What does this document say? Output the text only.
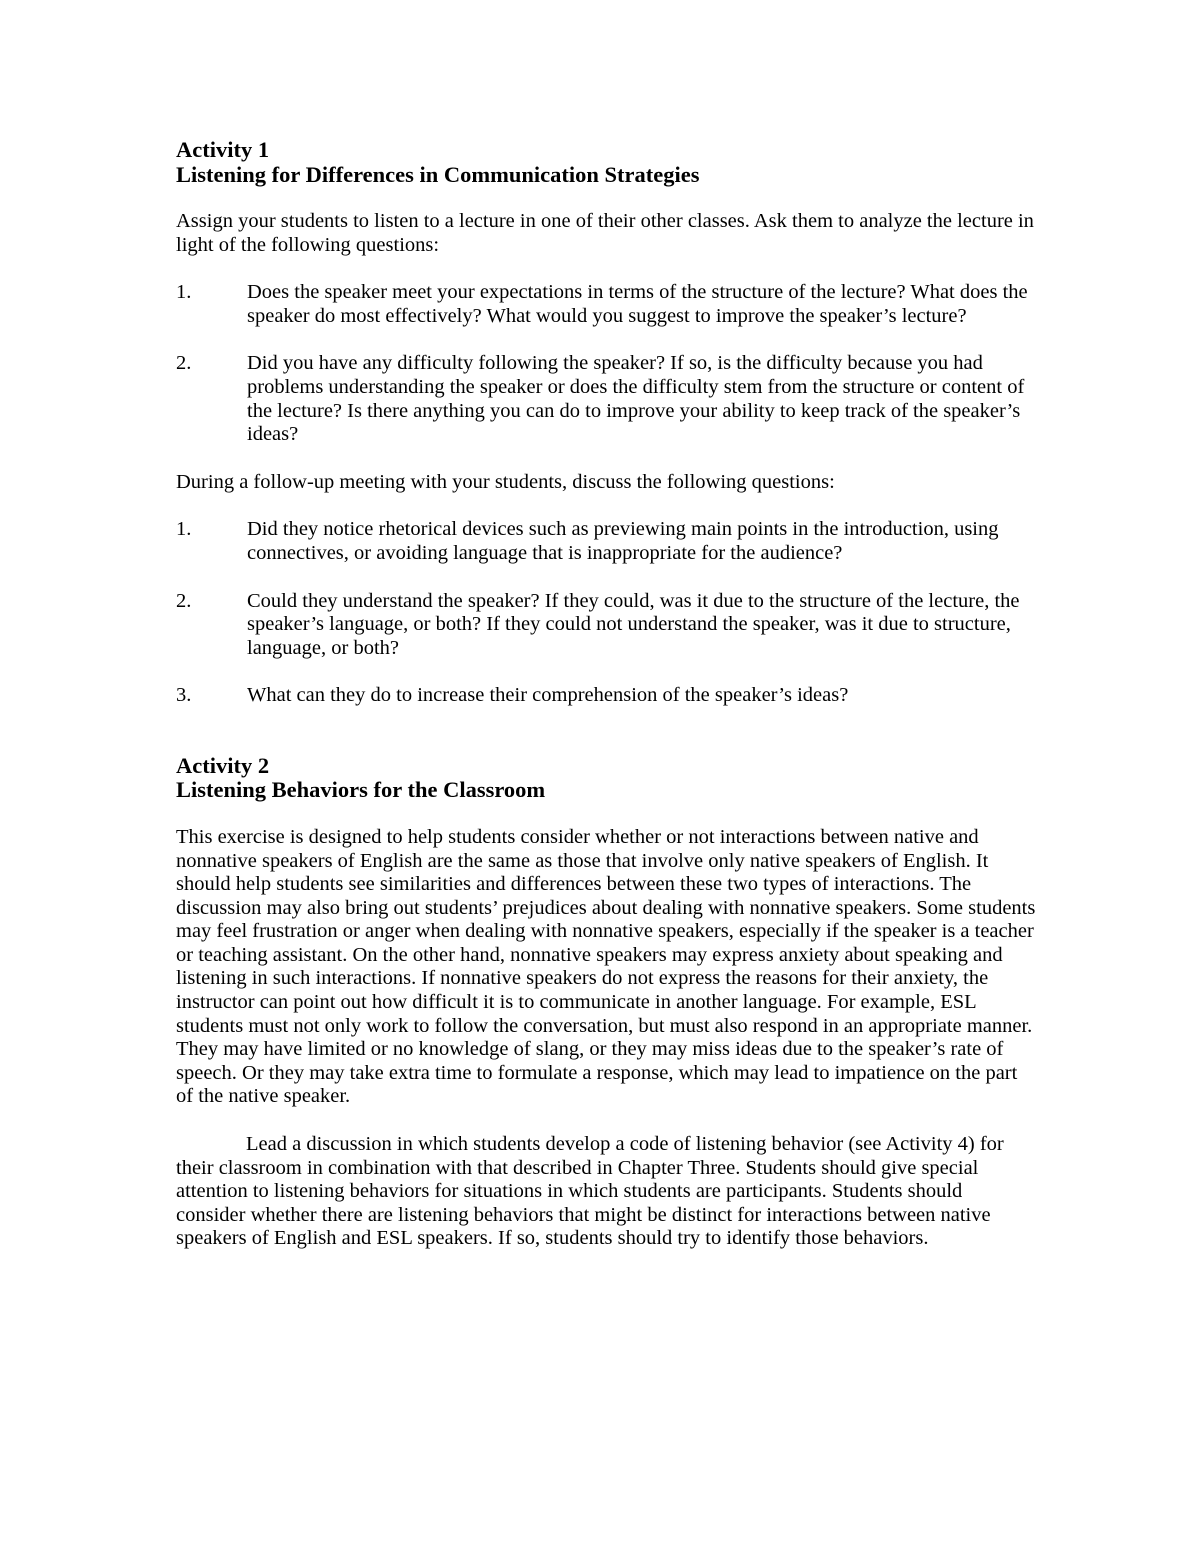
Activity 1
Listening for Differences in Communication Strategies

Assign your students to listen to a lecture in one of their other classes. Ask them to analyze the lecture in light of the following questions:

1.	Does the speaker meet your expectations in terms of the structure of the lecture? What does the speaker do most effectively? What would you suggest to improve the speaker’s lecture?
2.	Did you have any difficulty following the speaker? If so, is the difficulty because you had problems understanding the speaker or does the difficulty stem from the structure or content of the lecture? Is there anything you can do to improve your ability to keep track of the speaker’s ideas?

During a follow-up meeting with your students, discuss the following questions:

1.	Did they notice rhetorical devices such as previewing main points in the introduction, using connectives, or avoiding language that is inappropriate for the audience?
2.	Could they understand the speaker? If they could, was it due to the structure of the lecture, the speaker’s language, or both? If they could not understand the speaker, was it due to structure, language, or both?
3.	What can they do to increase their comprehension of the speaker’s ideas?
Activity 2
Listening Behaviors for the Classroom

This exercise is designed to help students consider whether or not interactions between native and nonnative speakers of English are the same as those that involve only native speakers of English. It should help students see similarities and differences between these two types of interactions. The discussion may also bring out students’ prejudices about dealing with nonnative speakers. Some students may feel frustration or anger when dealing with nonnative speakers, especially if the speaker is a teacher or teaching assistant. On the other hand, nonnative speakers may express anxiety about speaking and listening in such interactions. If nonnative speakers do not express the reasons for their anxiety, the instructor can point out how difficult it is to communicate in another language. For example, ESL students must not only work to follow the conversation, but must also respond in an appropriate manner. They may have limited or no knowledge of slang, or they may miss ideas due to the speaker’s rate of speech. Or they may take extra time to formulate a response, which may lead to impatience on the part of the native speaker.

Lead a discussion in which students develop a code of listening behavior (see Activity 4) for their classroom in combination with that described in Chapter Three. Students should give special attention to listening behaviors for situations in which students are participants. Students should consider whether there are listening behaviors that might be distinct for interactions between native speakers of English and ESL speakers. If so, students should try to identify those behaviors.
